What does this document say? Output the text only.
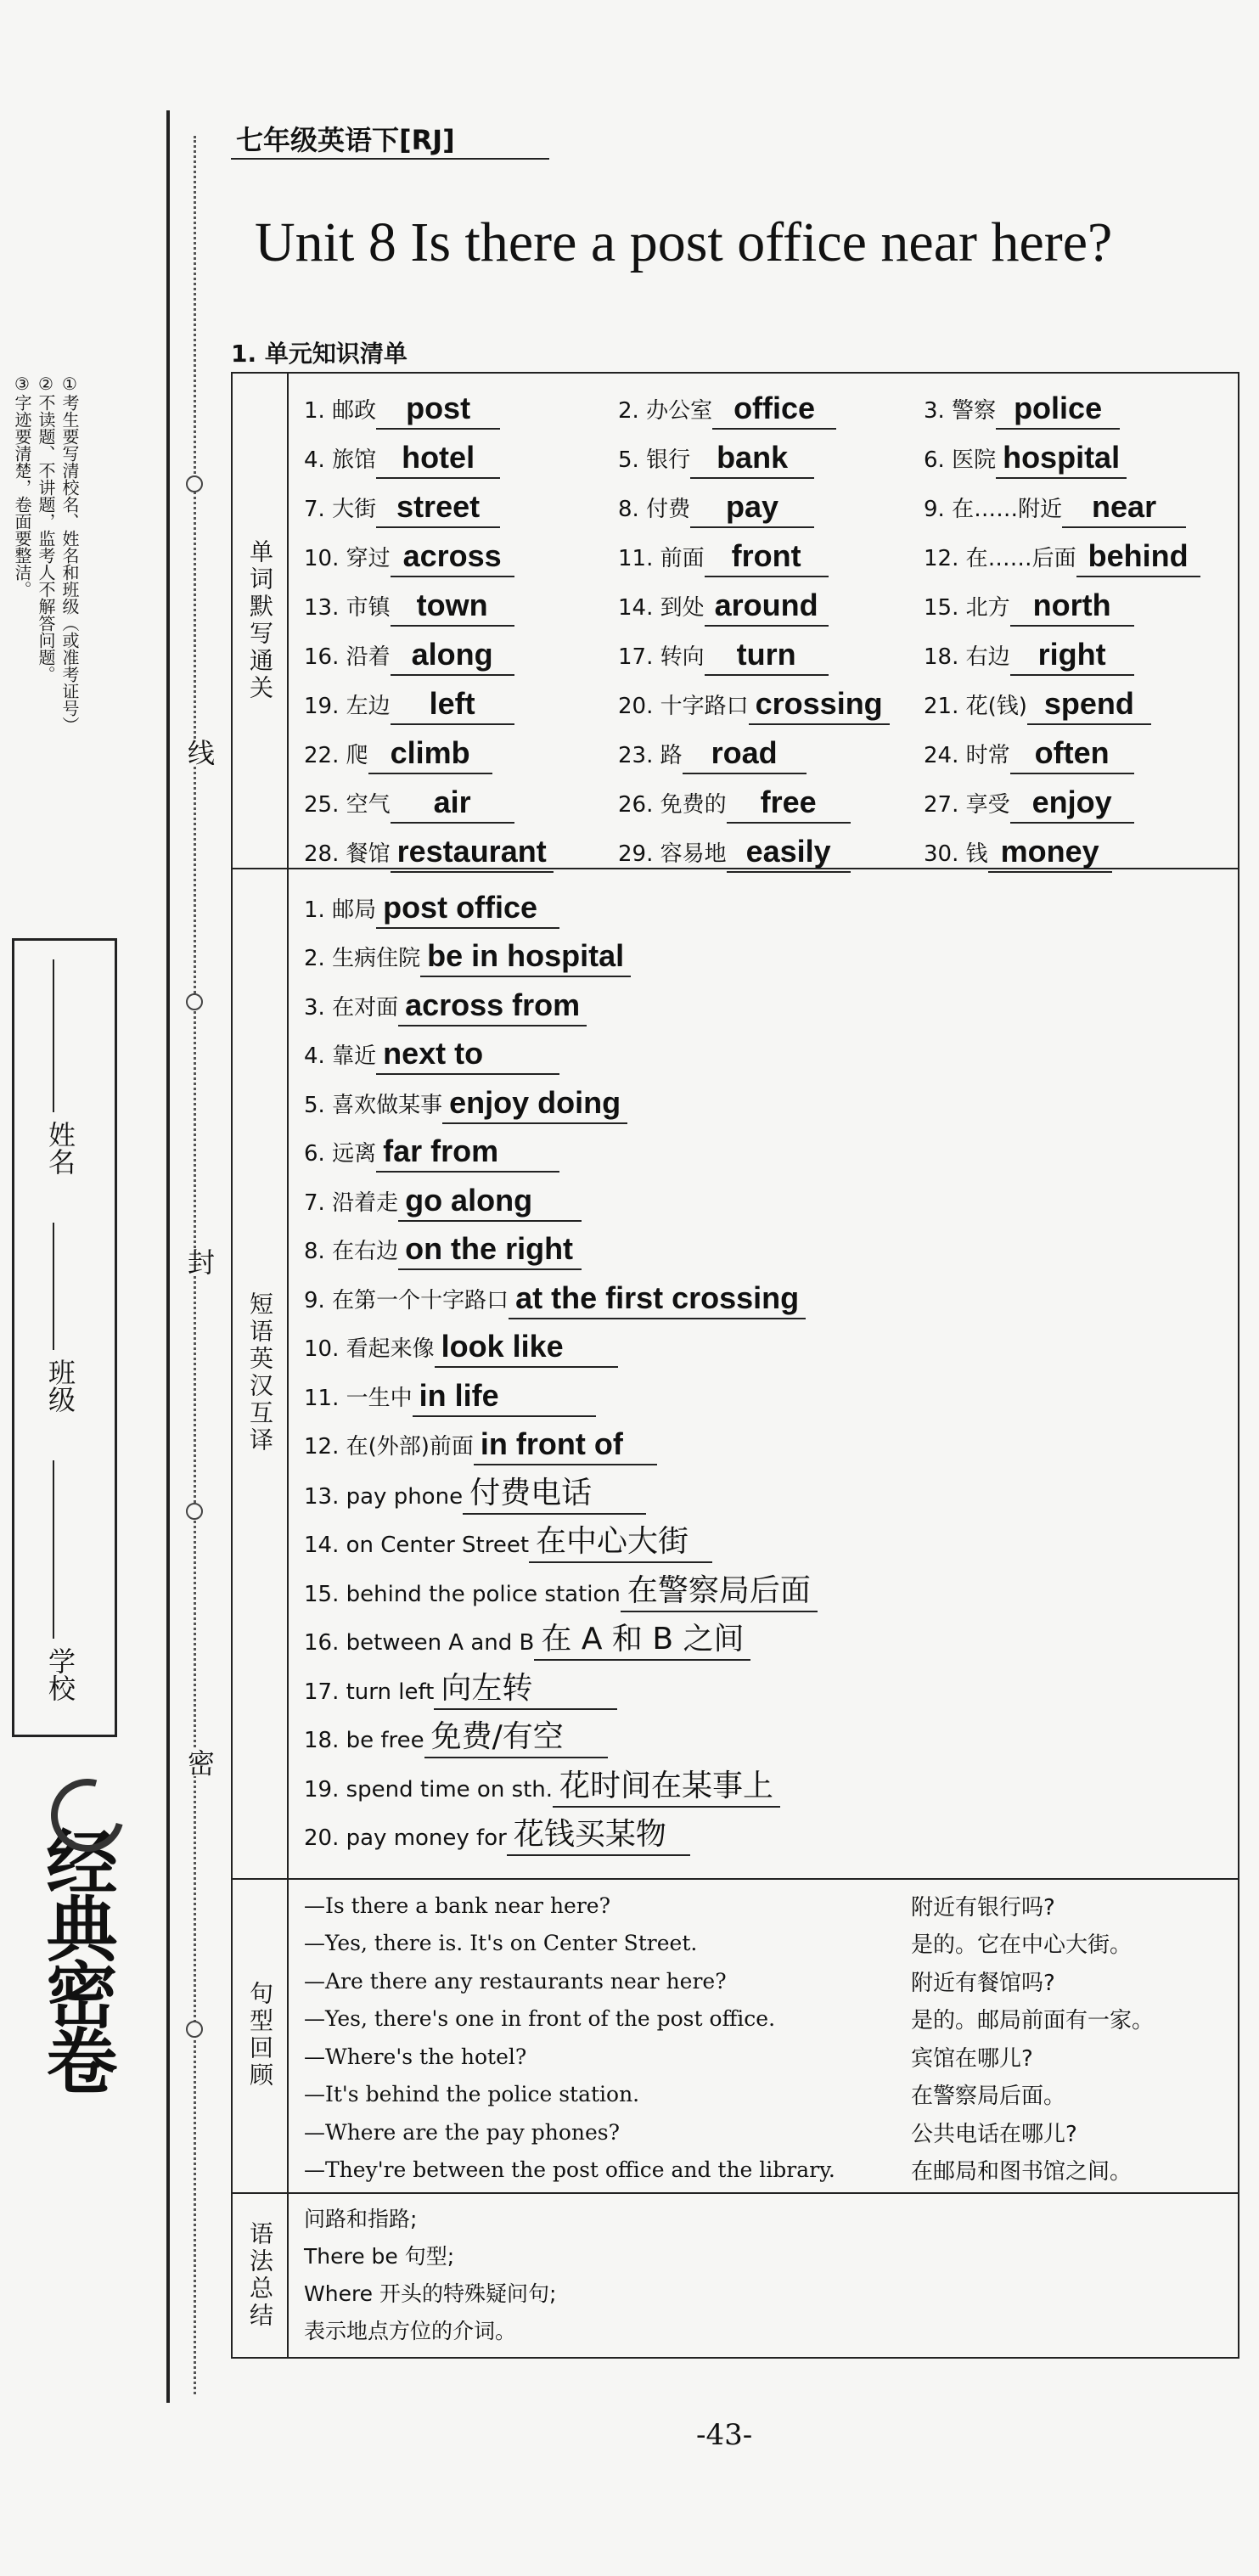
①考生要写清校名、姓名和班级（或准考证号）
②不读题、不讲题，监考人不解答问题。
③字迹要清楚，卷面要整洁。
学校
班级
姓名
线
封
密
经典密卷
七年级英语下[RJ]
Unit 8 Is there a post office near here?
1. 单元知识清单
单词默写通关
短语英汉互译
句型回顾
语法总结
1. 邮政 post	2. 办公室 office	3. 警察 police
4. 旅馆 hotel	5. 银行 bank	6. 医院 hospital
7. 大街 street	8. 付费	pay	9. 在……附近 near
10. 穿过 across	11. 前面 front	12. 在……后面 behind
13. 市镇 town	14. 到处 around	15. 北方 north
16. 沿着 along	17. 转向	turn	18. 右边 right
19. 左边	left	20. 十字路口 crossing	21. 花(钱) spend
22. 爬 climb	23. 路 road	24. 时常 often
25. 空气	air	26. 免费的	free	27. 享受 enjoy
28. 餐馆 restaurant	29. 容易地 easily	30. 钱 money
1. 邮局 post office
2. 生病住院 be in hospital
3. 在对面 across from
4. 靠近 next to
5. 喜欢做某事 enjoy doing
6. 远离 far from
7. 沿着走 go along
8. 在右边 on the right
9. 在第一个十字路口 at the first crossing
10. 看起来像 look like
11. 一生中 in life
12. 在(外部)前面 in front of
13. pay phone 付费电话
14. on Center Street 在中心大街
15. behind the police station 在警察局后面
16. between A and B 在 A 和 B 之间
17. turn left 向左转
18. be free 免费/有空
19. spend time on sth. 花时间在某事上
20. pay money for 花钱买某物
—Is there a bank near here?	附近有银行吗?
—Yes, there is. It's on Center Street.	是的。它在中心大街。
—Are there any restaurants near here?	附近有餐馆吗?
—Yes, there's one in front of the post office.	是的。邮局前面有一家。
—Where's the hotel?	宾馆在哪儿?
—It's behind the police station.	在警察局后面。
—Where are the pay phones?	公共电话在哪儿?
—They're between the post office and the library.	在邮局和图书馆之间。
问路和指路;
There be 句型;
Where 开头的特殊疑问句;
表示地点方位的介词。
-43-
